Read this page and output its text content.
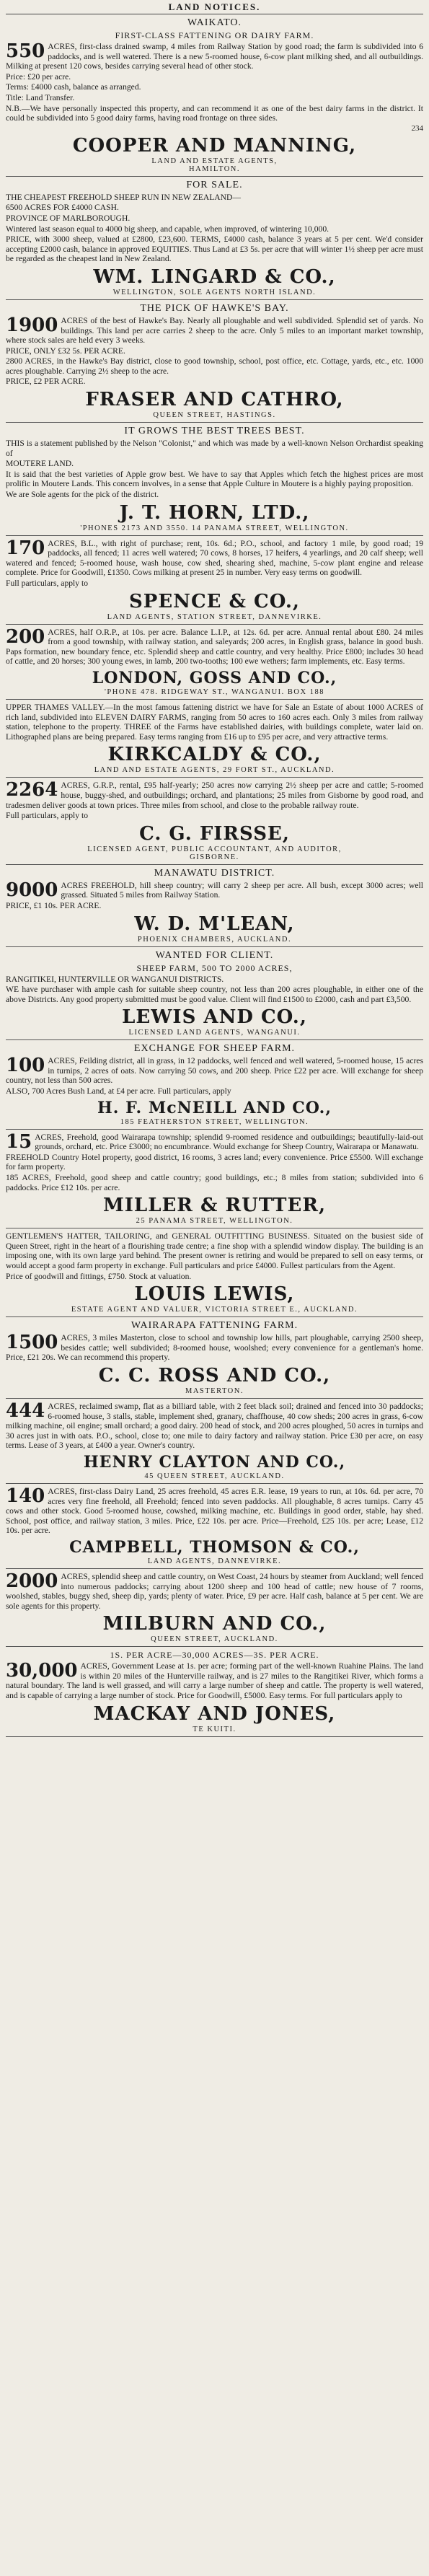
LAND NOTICES.
WAIKATO.
FIRST-CLASS FATTENING OR DAIRY FARM.

550 ACRES, first-class drained swamp, 4 miles from Railway Station by good road; the farm is subdivided into 6 paddocks, and is well watered. There is a new 5-roomed house, 6-cow plant milking shed, and all outbuildings. Milking at present 120 cows, besides carrying several head of other stock.

Price: £20 per acre.

Terms: £4000 cash, balance as arranged.

Title: Land Transfer.

N.B.—We have personally inspected this property, and can recommend it as one of the best dairy farms in the district. It could be subdivided into 5 good dairy farms, having road frontage on three sides.

234
COOPER AND MANNING,
LAND AND ESTATE AGENTS,
HAMILTON.
FOR SALE.

THE CHEAPEST FREEHOLD SHEEP RUN IN NEW ZEALAND—

6500 ACRES FOR £4000 CASH.

PROVINCE OF MARLBOROUGH.

Wintered last season equal to 4000 big sheep, and capable, when improved, of wintering 10,000.

PRICE, with 3000 sheep, valued at £2800, £23,600. TERMS, £4000 cash, balance 3 years at 5 per cent. We'd consider accepting £2000 cash, balance in approved EQUITIES. Thus Land at £3 5s. per acre that will winter 1½ sheep per acre must be regarded as the cheapest land in New Zealand.

WM. LINGARD & CO.,
WELLINGTON, SOLE AGENTS NORTH ISLAND.
THE PICK OF HAWKE'S BAY.

1900 ACRES of the best of Hawke's Bay. Nearly all ploughable and well subdivided. Splendid set of yards. No buildings. This land per acre carries 2 sheep to the acre. Only 5 miles to an important market township, where stock sales are held every 3 weeks.

PRICE, ONLY £32 5s. PER ACRE.

2800 ACRES, in the Hawke's Bay district, close to good township, school, post office, etc. Cottage, yards, etc., etc. 1000 acres ploughable. Carrying 2½ sheep to the acre.

PRICE, £2 PER ACRE.

FRASER AND CATHRO,
QUEEN STREET, HASTINGS.
IT GROWS THE BEST TREES BEST.

THIS is a statement published by the Nelson "Colonist," and which was made by a well-known Nelson Orchardist speaking of

MOUTERE LAND.

It is said that the best varieties of Apple grow best. We have to say that Apples which fetch the highest prices are most prolific in Moutere Lands. This concern involves, in a sense that Apple Culture in Moutere is a highly paying proposition.

We are Sole agents for the pick of the district.

J. T. HORN, LTD.,
'PHONES 2173 AND 3550. 14 PANAMA STREET, WELLINGTON.

170 ACRES, B.L., with right of purchase; rent, 10s. 6d.; P.O., school, and factory 1 mile, by good road; 19 paddocks, all fenced; 11 acres well watered; 70 cows, 8 horses, 17 heifers, 4 yearlings, and 20 calf sheep; well watered and fenced; 5-roomed house, wash house, cow shed, shearing shed, machine, 5-cow plant engine and release complete. Price for Goodwill, £1350. Cows milking at present 25 in number. Very easy terms on goodwill.

Full particulars, apply to

SPENCE & CO.,
LAND AGENTS, STATION STREET, DANNEVIRKE.

200 ACRES, half O.R.P., at 10s. per acre. Balance L.I.P., at 12s. 6d. per acre. Annual rental about £80. 24 miles from a good township, with railway station, and saleyards; 200 acres, in English grass, balance in good bush. Paps formation, new boundary fence, etc. Splendid sheep and cattle country, and very healthy. Price £800; includes 30 head of cattle, and 20 horses; 300 young ewes, in lamb, 200 two-tooths; 100 ewe wethers; farm implements, etc. Easy terms.

LONDON, GOSS AND CO.,
'PHONE 478. RIDGEWAY ST., WANGANUI. BOX 188

UPPER THAMES VALLEY.—In the most famous fattening district we have for Sale an Estate of about 1000 ACRES of rich land, subdivided into ELEVEN DAIRY FARMS, ranging from 50 acres to 160 acres each. Only 3 miles from railway station, telephone to the property. THREE of the Farms have established dairies, with buildings complete, water laid on. Lithographed plans are being prepared. Easy terms ranging from £16 up to £95 per acre, and very attractive terms.

KIRKCALDY & CO.,
LAND AND ESTATE AGENTS, 29 FORT ST., AUCKLAND.

2264 ACRES, G.R.P., rental, £95 half-yearly; 250 acres now carrying 2½ sheep per acre and cattle; 5-roomed house, buggy-shed, and outbuildings; orchard, and plantations; 25 miles from Gisborne by good road, and tradesmen deliver goods at town prices. Three miles from school, and close to the probable railway route.

Full particulars, apply to

C. G. FIRSSE,
LICENSED AGENT, PUBLIC ACCOUNTANT, AND AUDITOR,
GISBORNE.
MANAWATU DISTRICT.

9000 ACRES FREEHOLD, hill sheep country; will carry 2 sheep per acre. All bush, except 3000 acres; well grassed. Situated 5 miles from Railway Station.

PRICE, £1 10s. PER ACRE.

W. D. M'LEAN,
PHOENIX CHAMBERS, AUCKLAND.
WANTED FOR CLIENT.
SHEEP FARM, 500 TO 2000 ACRES,

RANGITIKEI, HUNTERVILLE OR WANGANUI DISTRICTS.

WE have purchaser with ample cash for suitable sheep country, not less than 200 acres ploughable, in either one of the above Districts. Any good property submitted must be good value. Client will find £1500 to £2000, cash and part £3,500.

LEWIS AND CO.,
LICENSED LAND AGENTS, WANGANUI.
EXCHANGE FOR SHEEP FARM.

100 ACRES, Feilding district, all in grass, in 12 paddocks, well fenced and well watered, 5-roomed house, 15 acres in turnips, 2 acres of oats. Now carrying 50 cows, and 200 sheep. Price £22 per acre. Will exchange for sheep country, not less than 500 acres.

ALSO, 700 Acres Bush Land, at £4 per acre. Full particulars, apply

H. F. McNEILL AND CO.,
185 FEATHERSTON STREET, WELLINGTON.

15 ACRES, Freehold, good Wairarapa township; splendid 9-roomed residence and outbuildings; beautifully-laid-out grounds, orchard, etc. Price £3000; no encumbrance. Would exchange for Sheep Country, Wairarapa or Manawatu.

FREEHOLD Country Hotel property, good district, 16 rooms, 3 acres land; every convenience. Price £5500. Will exchange for farm property.

185 ACRES, Freehold, good sheep and cattle country; good buildings, etc.; 8 miles from station; subdivided into 6 paddocks. Price £12 10s. per acre.

MILLER & RUTTER,
25 PANAMA STREET, WELLINGTON.

GENTLEMEN'S HATTER, TAILORING, and GENERAL OUTFITTING BUSINESS. Situated on the busiest side of Queen Street, right in the heart of a flourishing trade centre; a fine shop with a splendid window display. The building is an imposing one, with its own large yard behind. The present owner is retiring and would be prepared to sell on easy terms, or would accept a good farm property in exchange. Full particulars and price £4000. Fullest particulars from the Agent.

Price of goodwill and fittings, £750. Stock at valuation.

LOUIS LEWIS,
ESTATE AGENT AND VALUER, VICTORIA STREET E., AUCKLAND.
WAIRARAPA FATTENING FARM.

1500 ACRES, 3 miles Masterton, close to school and township low hills, part ploughable, carrying 2500 sheep, besides cattle; well subdivided; 8-roomed house, woolshed; every convenience for a gentleman's home. Price, £21 20s. We can recommend this property.

C. C. ROSS AND CO.,
MASTERTON.

444 ACRES, reclaimed swamp, flat as a billiard table, with 2 feet black soil; drained and fenced into 30 paddocks; 6-roomed house, 3 stalls, stable, implement shed, granary, chaffhouse, 40 cow sheds; 200 acres in grass, 6-cow milking machine, oil engine; small orchard; a good dairy. 200 head of stock, and 200 acres ploughed, 50 acres in turnips and 30 acres just in with oats. P.O., school, close to; one mile to dairy factory and railway station. Price £30 per acre, on easy terms. Lease of 3 years, at £400 a year. Owner's country.

HENRY CLAYTON AND CO.,
45 QUEEN STREET, AUCKLAND.

140 ACRES, first-class Dairy Land, 25 acres freehold, 45 acres E.R. lease, 19 years to run, at 10s. 6d. per acre, 70 acres very fine freehold, all Freehold; fenced into seven paddocks. All ploughable, 8 acres turnips. Carry 45 cows and other stock. Good 5-roomed house, cowshed, milking machine, etc. Buildings in good order, stable, hay shed. School, post office, and railway station, 3 miles. Price, £22 10s. per acre. Price—Freehold, £25 10s. per acre; Lease, £12 10s. per acre.

CAMPBELL, THOMSON & CO.,
LAND AGENTS, DANNEVIRKE.

2000 ACRES, splendid sheep and cattle country, on West Coast, 24 hours by steamer from Auckland; well fenced into numerous paddocks; carrying about 1200 sheep and 100 head of cattle; new house of 7 rooms, woolshed, stables, buggy shed, sheep dip, yards; plenty of water. Price, £9 per acre. Half cash, balance at 5 per cent. We are sole agents for this property.

MILBURN AND CO.,
QUEEN STREET, AUCKLAND.
1S. PER ACRE—30,000 ACRES—3S. PER ACRE.

30,000 ACRES, Government Lease at 1s. per acre; forming part of the well-known Ruahine Plains. The land is within 20 miles of the Hunterville railway, and is 27 miles to the Rangitikei River, which forms a natural boundary. The land is well grassed, and will carry a large number of sheep and cattle. The property is well watered, and is capable of carrying a large number of stock. Price for Goodwill, £5000. Easy terms. For full particulars apply to

MACKAY AND JONES,
TE KUITI.
